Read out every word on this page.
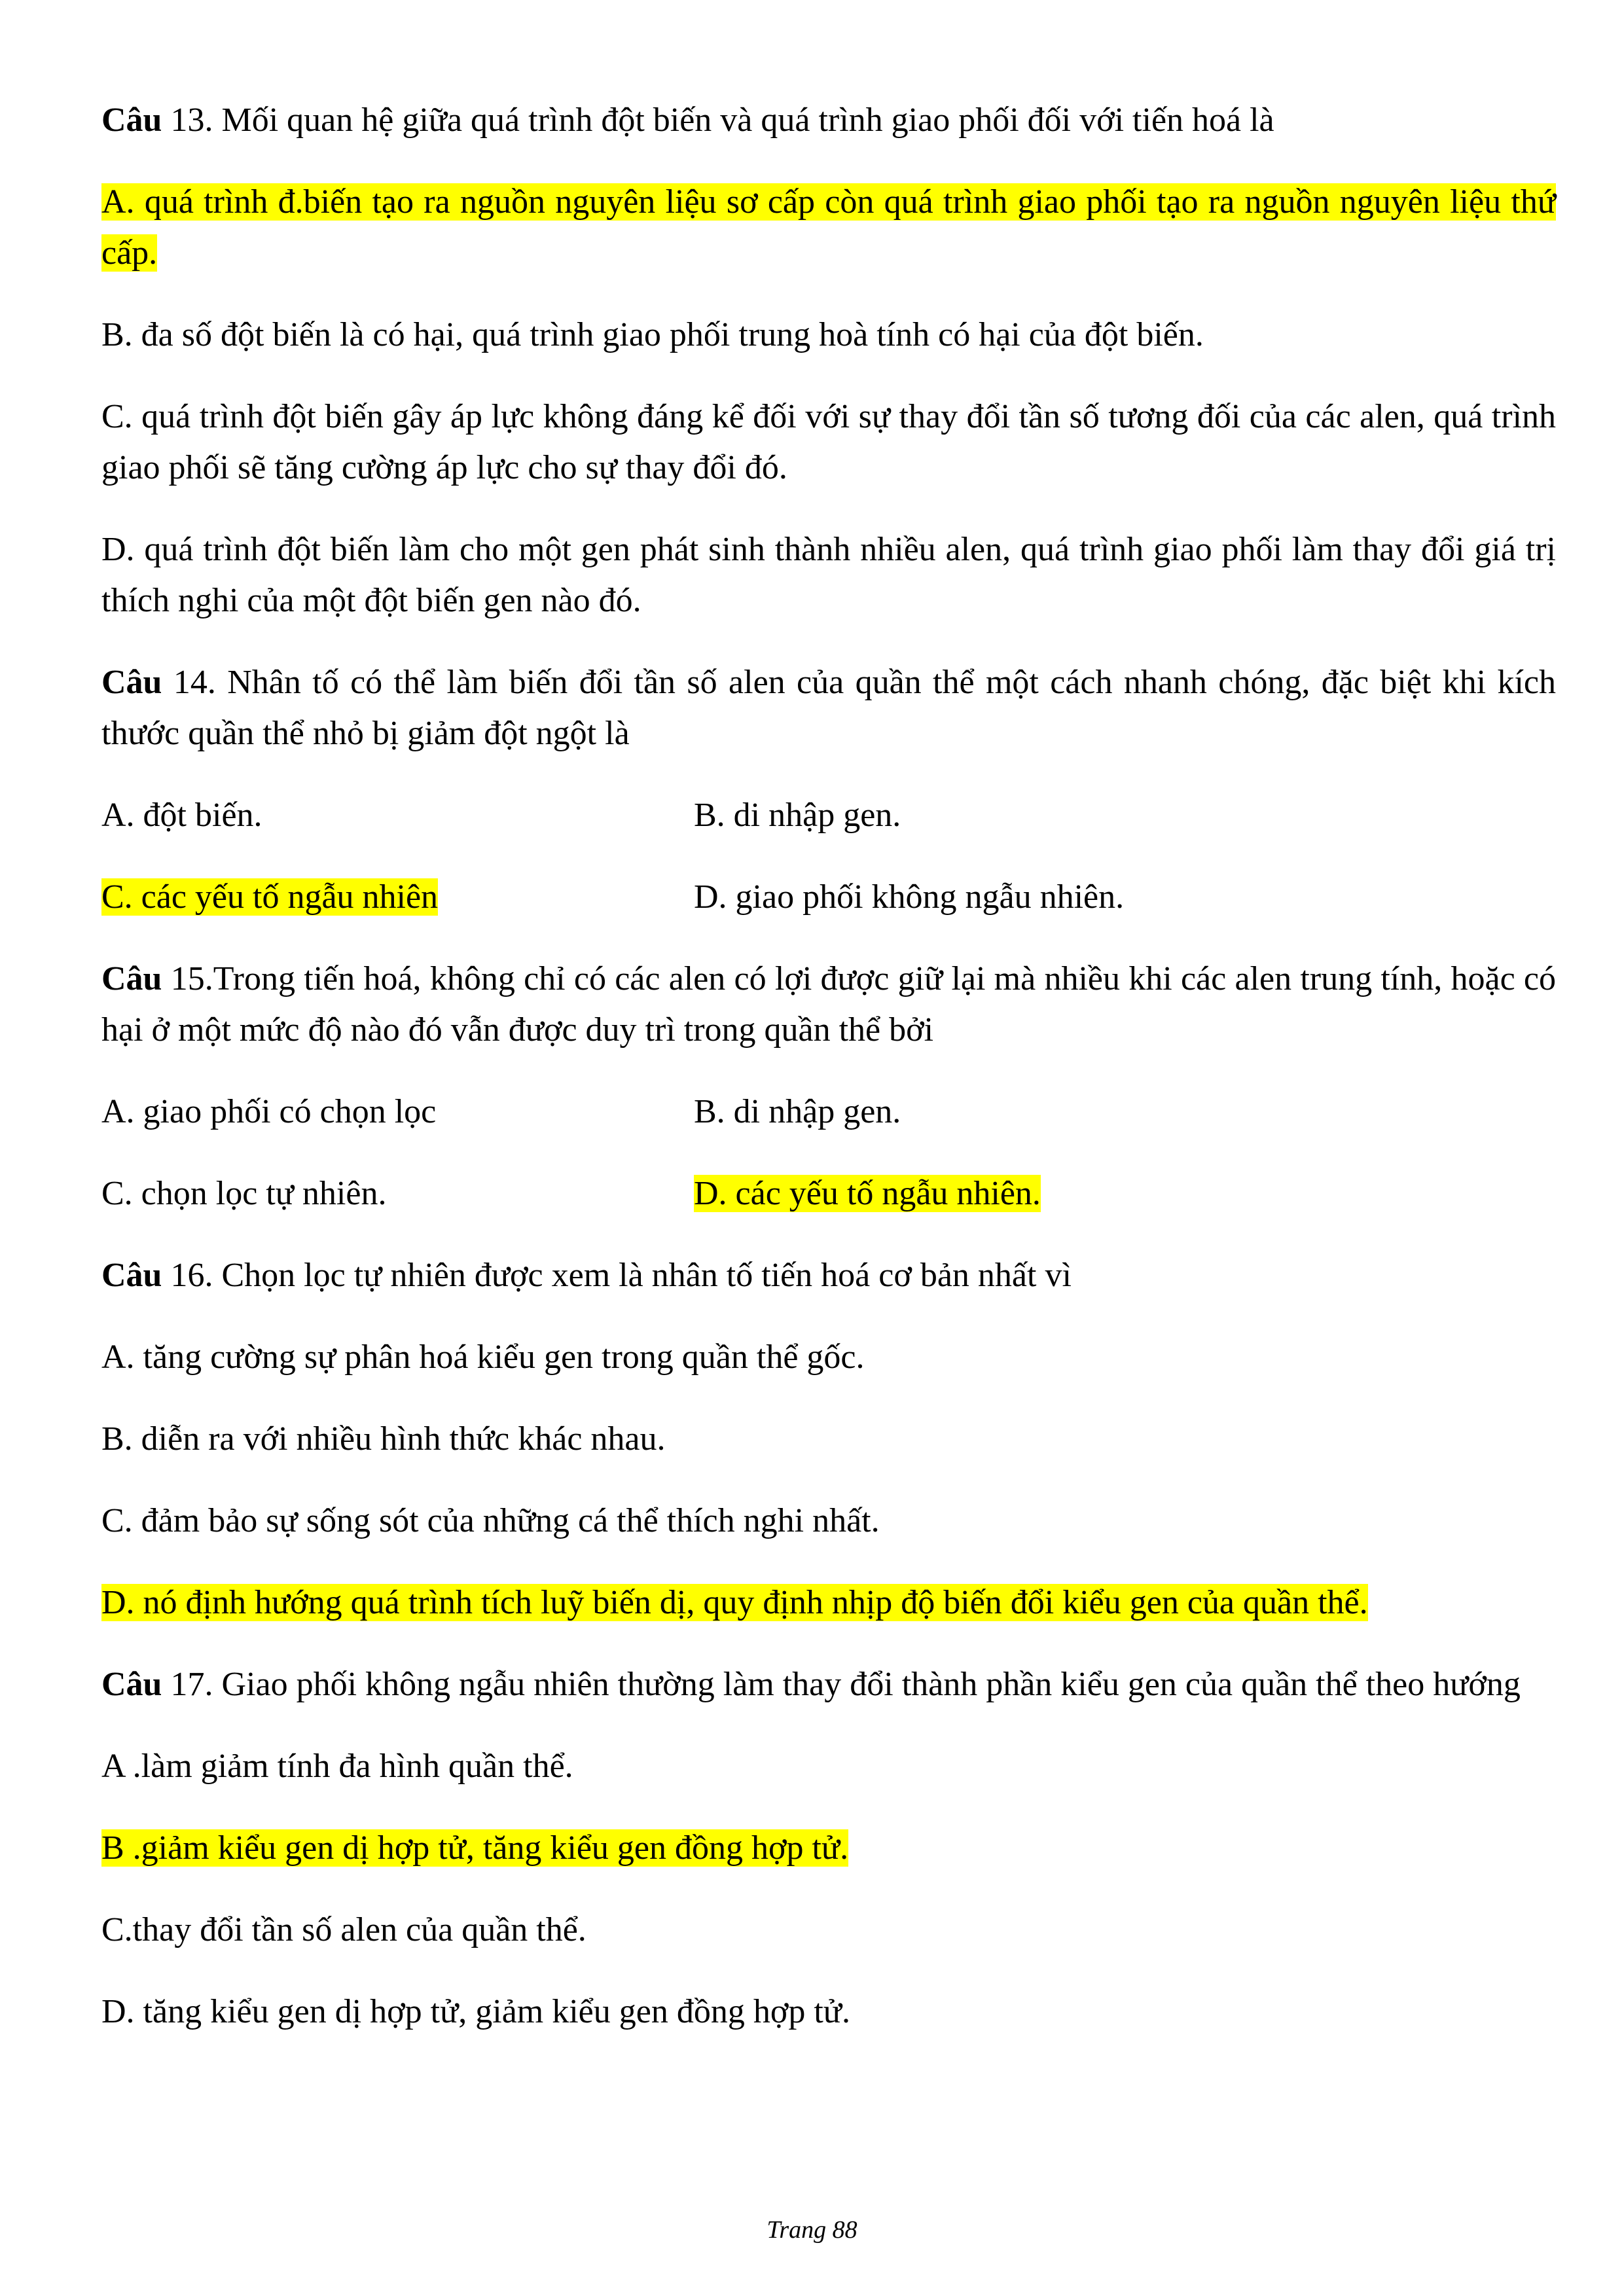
Câu 13. Mối quan hệ giữa quá trình đột biến và quá trình giao phối đối với tiến hoá là

A. quá trình đ.biến tạo ra nguồn nguyên liệu sơ cấp còn quá trình giao phối tạo ra nguồn nguyên liệu thứ cấp.

B. đa số đột biến là có hại, quá trình giao phối trung hoà tính có hại của đột biến.

C. quá trình đột biến gây áp lực không đáng kể đối với sự thay đổi tần số tương đối của các alen, quá trình giao phối sẽ tăng cường áp lực cho sự thay đổi đó.

D. quá trình đột biến làm cho một gen phát sinh thành nhiều alen, quá trình giao phối làm thay đổi giá trị thích nghi của một đột biến gen nào đó.

Câu 14. Nhân tố có thể làm biến đổi tần số alen của quần thể một cách nhanh chóng, đặc biệt khi kích thước quần thể nhỏ bị giảm đột ngột là

A. đột biến.	B. di nhập gen.
C. các yếu tố ngẫu nhiên	D. giao phối không ngẫu nhiên.

Câu 15.Trong tiến hoá, không chỉ có các alen có lợi được giữ lại mà nhiều khi các alen trung tính, hoặc có hại ở một mức độ nào đó vẫn được duy trì trong quần thể bởi

A. giao phối có chọn lọc	B. di nhập gen.
C. chọn lọc tự nhiên.	D. các yếu tố ngẫu nhiên.

Câu 16. Chọn lọc tự nhiên được xem là nhân tố tiến hoá cơ bản nhất vì

A. tăng cường sự phân hoá kiểu gen trong quần thể gốc.

B. diễn ra với nhiều hình thức khác nhau.

C. đảm bảo sự sống sót của những cá thể thích nghi nhất.

D. nó định hướng quá trình tích luỹ biến dị, quy định nhịp độ biến đổi kiểu gen của quần thể.

Câu 17. Giao phối không ngẫu nhiên thường làm thay đổi thành phần kiểu gen của quần thể theo hướng

A .làm giảm tính đa hình quần thể.

B .giảm kiểu gen dị hợp tử, tăng kiểu gen đồng hợp tử.

C.thay đổi tần số alen của quần thể.

D. tăng kiểu gen dị hợp tử, giảm kiểu gen đồng hợp tử.

Trang 88
